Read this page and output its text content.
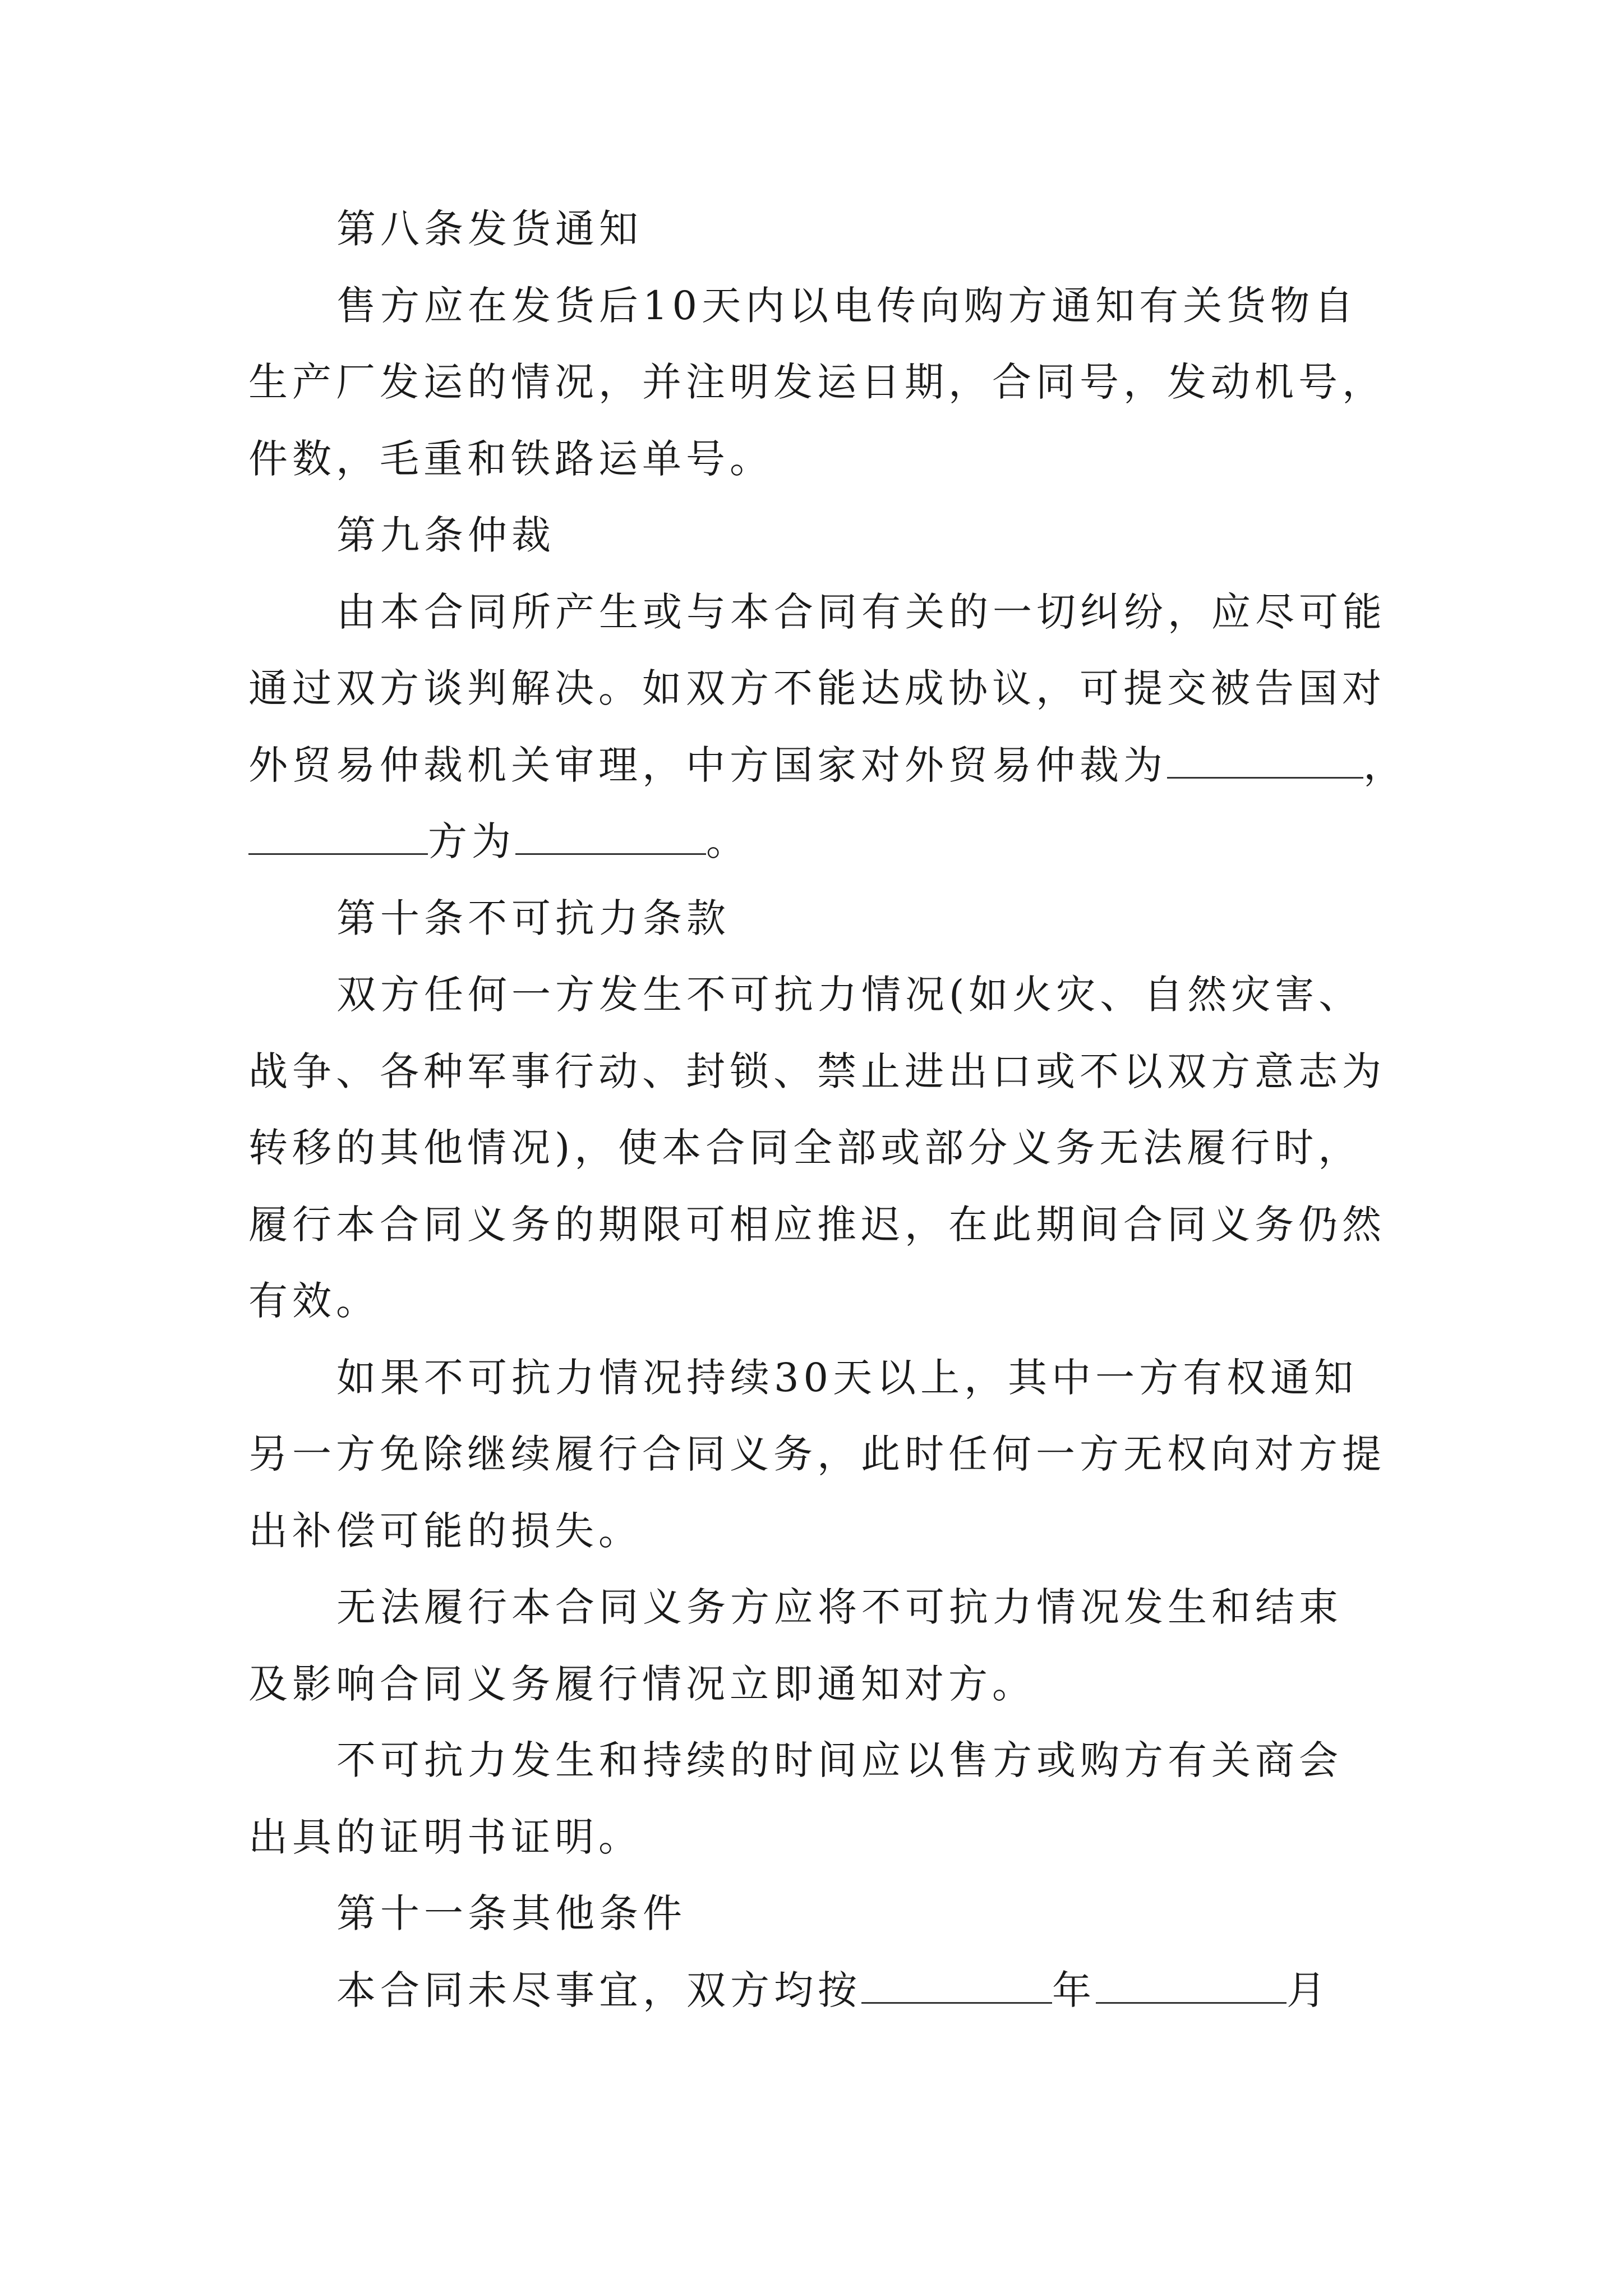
第八条发货通知
售方应在发货后10天内以电传向购方通知有关货物自
生产厂发运的情况，并注明发运日期，合同号，发动机号，
件数，毛重和铁路运单号。
第九条仲裁
由本合同所产生或与本合同有关的一切纠纷，应尽可能
通过双方谈判解决。如双方不能达成协议，可提交被告国对
外贸易仲裁机关审理，中方国家对外贸易仲裁为	，
方为	。
第十条不可抗力条款
双方任何一方发生不可抗力情况(如火灾、自然灾害、
战争、各种军事行动、封锁、禁止进出口或不以双方意志为
转移的其他情况)，使本合同全部或部分义务无法履行时，
履行本合同义务的期限可相应推迟，在此期间合同义务仍然
有效。
如果不可抗力情况持续30天以上，其中一方有权通知
另一方免除继续履行合同义务，此时任何一方无权向对方提
出补偿可能的损失。
无法履行本合同义务方应将不可抗力情况发生和结束
及影响合同义务履行情况立即通知对方。
不可抗力发生和持续的时间应以售方或购方有关商会
出具的证明书证明。
第十一条其他条件
本合同未尽事宜，双方均按	年	月
